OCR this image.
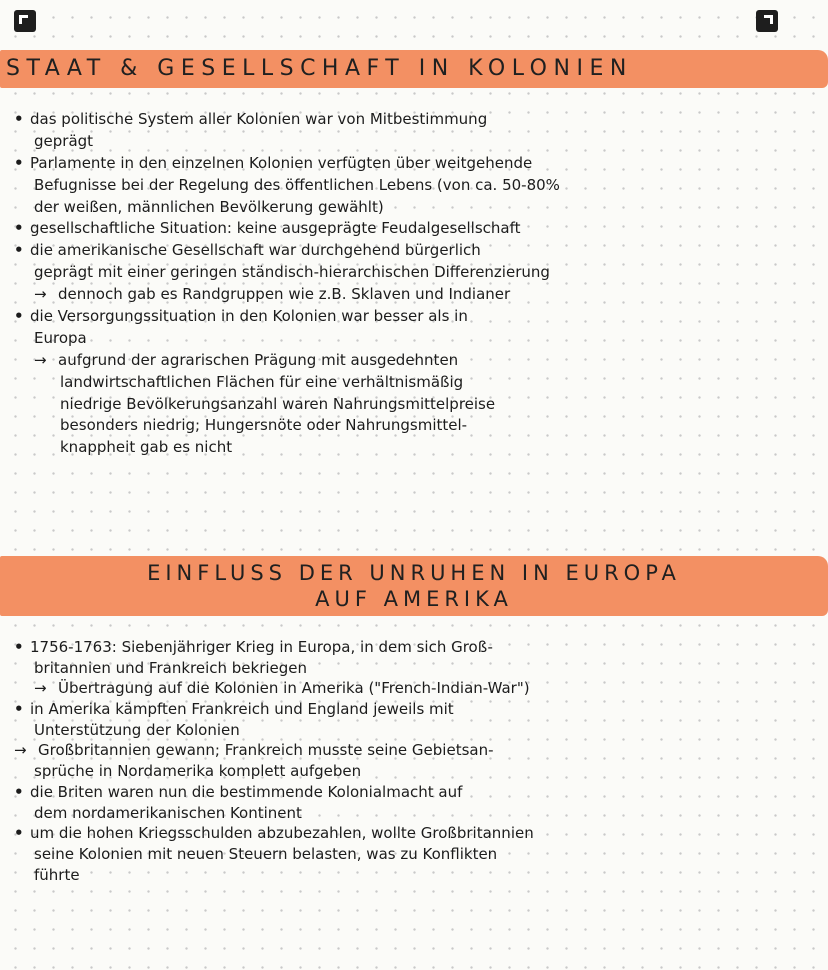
STAAT & GESELLSCHAFT IN KOLONIEN
• das politische System aller Kolonien war von Mitbestimmung
geprägt
• Parlamente in den einzelnen Kolonien verfügten über weitgehende
Befugnisse bei der Regelung des öffentlichen Lebens (von ca. 50-80%
der weißen, männlichen Bevölkerung gewählt)
• gesellschaftliche Situation: keine ausgeprägte Feudalgesellschaft
• die amerikanische Gesellschaft war durchgehend bürgerlich
geprägt mit einer geringen ständisch-hierarchischen Differenzierung
→ dennoch gab es Randgruppen wie z.B. Sklaven und Indianer
• die Versorgungssituation in den Kolonien war besser als in
Europa
→ aufgrund der agrarischen Prägung mit ausgedehnten
landwirtschaftlichen Flächen für eine verhältnismäßig
niedrige Bevölkerungsanzahl waren Nahrungsmittelpreise
besonders niedrig; Hungersnöte oder Nahrungsmittel-
knappheit gab es nicht
EINFLUSS DER UNRUHEN IN EUROPA
AUF AMERIKA
• 1756-1763: Siebenjähriger Krieg in Europa, in dem sich Groß-
britannien und Frankreich bekriegen
→ Übertragung auf die Kolonien in Amerika ("French-Indian-War")
• in Amerika kämpften Frankreich und England jeweils mit
Unterstützung der Kolonien
→ Großbritannien gewann; Frankreich musste seine Gebietsan-
sprüche in Nordamerika komplett aufgeben
• die Briten waren nun die bestimmende Kolonialmacht auf
dem nordamerikanischen Kontinent
• um die hohen Kriegsschulden abzubezahlen, wollte Großbritannien
seine Kolonien mit neuen Steuern belasten, was zu Konflikten
führte
